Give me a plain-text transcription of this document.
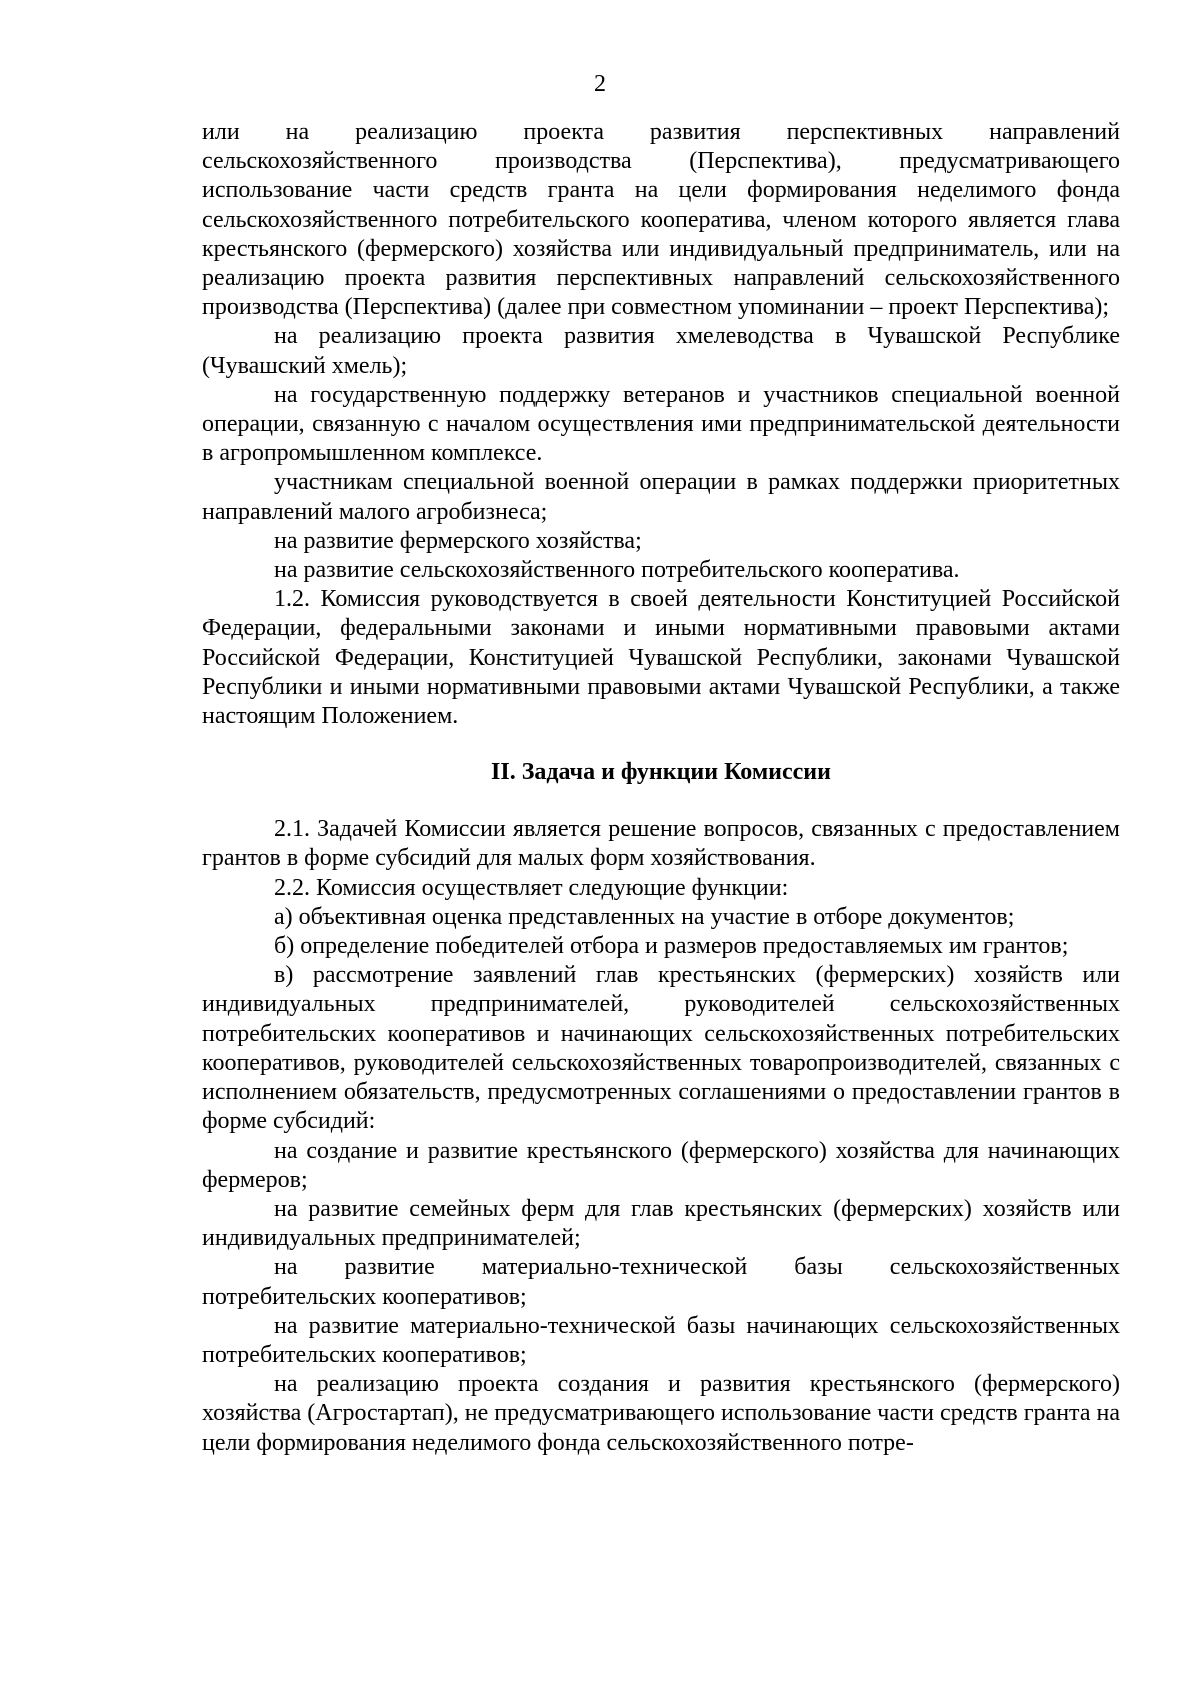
2

или на реализацию проекта развития перспективных направлений сельскохозяйственного производства (Перспектива), предусматривающего использование части средств гранта на цели формирования неделимого фонда сельскохозяйственного потребительского кооператива, членом которого является глава крестьянского (фермерского) хозяйства или индивидуальный предприниматель, или на реализацию проекта развития перспективных направлений сельскохозяйственного производства (Перспектива) (далее при совместном упоминании – проект Перспектива);

на реализацию проекта развития хмелеводства в Чувашской Республике (Чувашский хмель);

на государственную поддержку ветеранов и участников специальной военной операции, связанную с началом осуществления ими предпринимательской деятельности в агропромышленном комплексе.

участникам специальной военной операции в рамках поддержки приоритетных направлений малого агробизнеса;

на развитие фермерского хозяйства;

на развитие сельскохозяйственного потребительского кооператива.

1.2. Комиссия руководствуется в своей деятельности Конституцией Российской Федерации, федеральными законами и иными нормативными правовыми актами Российской Федерации, Конституцией Чувашской Республики, законами Чувашской Республики и иными нормативными правовыми актами Чувашской Республики, а также настоящим Положением.

II. Задача и функции Комиссии

2.1. Задачей Комиссии является решение вопросов, связанных с предоставлением грантов в форме субсидий для малых форм хозяйствования.

2.2. Комиссия осуществляет следующие функции:

а) объективная оценка представленных на участие в отборе документов;

б) определение победителей отбора и размеров предоставляемых им грантов;

в) рассмотрение заявлений глав крестьянских (фермерских) хозяйств или индивидуальных предпринимателей, руководителей сельскохозяйственных потребительских кооперативов и начинающих сельскохозяйственных потребительских кооперативов, руководителей сельскохозяйственных товаропроизводителей, связанных с исполнением обязательств, предусмотренных соглашениями о предоставлении грантов в форме субсидий:

на создание и развитие крестьянского (фермерского) хозяйства для начинающих фермеров;

на развитие семейных ферм для глав крестьянских (фермерских) хозяйств или индивидуальных предпринимателей;

на развитие материально-технической базы сельскохозяйственных потребительских кооперативов;

на развитие материально-технической базы начинающих сельскохозяйственных потребительских кооперативов;

на реализацию проекта создания и развития крестьянского (фермерского) хозяйства (Агростартап), не предусматривающего использование части средств гранта на цели формирования неделимого фонда сельскохозяйственного потре-
